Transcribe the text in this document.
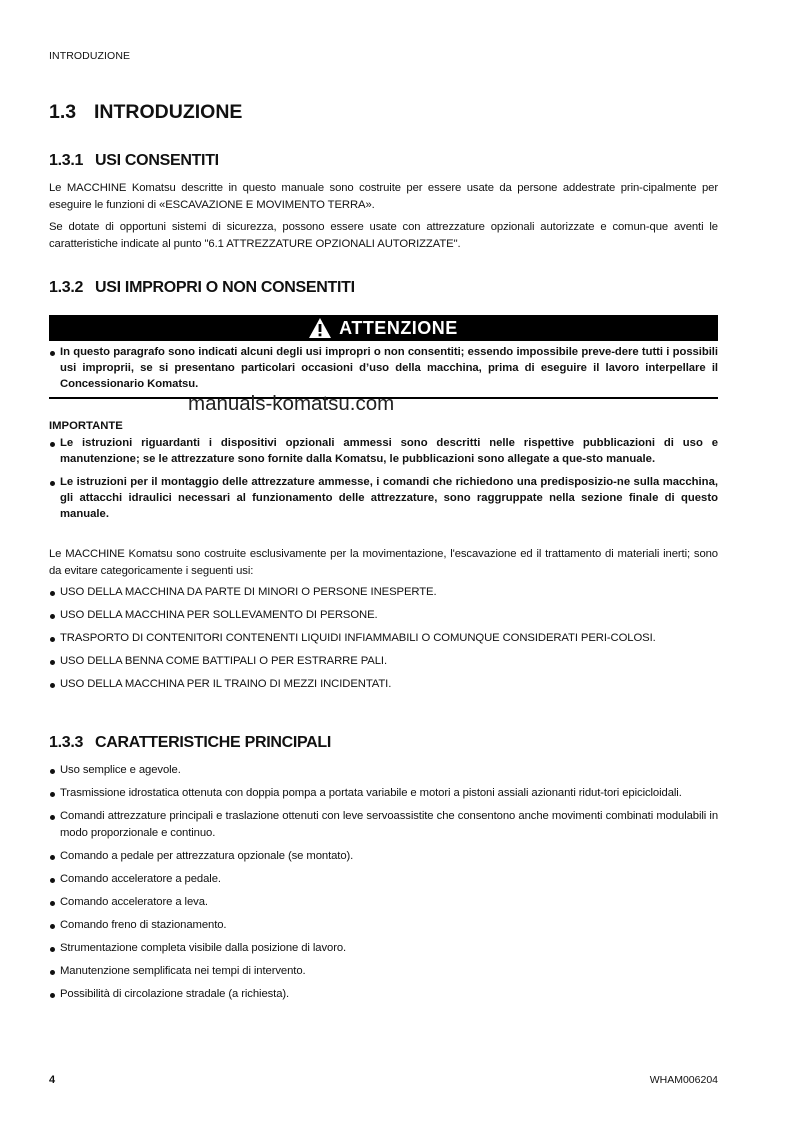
INTRODUZIONE
1.3 INTRODUZIONE
1.3.1 USI CONSENTITI
Le MACCHINE Komatsu descritte in questo manuale sono costruite per essere usate da persone addestrate prin-cipalmente per eseguire le funzioni di «ESCAVAZIONE E MOVIMENTO TERRA».
Se dotate di opportuni sistemi di sicurezza, possono essere usate con attrezzature opzionali autorizzate e comun-que aventi le caratteristiche indicate al punto "6.1 ATTREZZATURE OPZIONALI AUTORIZZATE".
1.3.2 USI IMPROPRI O NON CONSENTITI
ATTENZIONE
In questo paragrafo sono indicati alcuni degli usi impropri o non consentiti; essendo impossibile preve-dere tutti i possibili usi improprii, se si presentano particolari occasioni d’uso della macchina, prima di eseguire il lavoro interpellare il Concessionario Komatsu.
manuals-komatsu.com
IMPORTANTE
Le istruzioni riguardanti i dispositivi opzionali ammessi sono descritti nelle rispettive pubblicazioni di uso e manutenzione; se le attrezzature sono fornite dalla Komatsu, le pubblicazioni sono allegate a que-sto manuale.
Le istruzioni per il montaggio delle attrezzature ammesse, i comandi che richiedono una predisposizio-ne sulla macchina, gli attacchi idraulici necessari al funzionamento delle attrezzature, sono raggruppate nella sezione finale di questo manuale.
Le MACCHINE Komatsu sono costruite esclusivamente per la movimentazione, l'escavazione ed il trattamento di materiali inerti; sono da evitare categoricamente i seguenti usi:
USO DELLA MACCHINA DA PARTE DI MINORI O PERSONE INESPERTE.
USO DELLA MACCHINA PER SOLLEVAMENTO DI PERSONE.
TRASPORTO DI CONTENITORI CONTENENTI LIQUIDI INFIAMMABILI O COMUNQUE CONSIDERATI PERI-COLOSI.
USO DELLA BENNA COME BATTIPALI O PER ESTRARRE PALI.
USO DELLA MACCHINA PER IL TRAINO DI MEZZI INCIDENTATI.
1.3.3 CARATTERISTICHE PRINCIPALI
Uso semplice e agevole.
Trasmissione idrostatica ottenuta con doppia pompa a portata variabile e motori a pistoni assiali azionanti ridut-tori epicicloidali.
Comandi attrezzature principali e traslazione ottenuti con leve servoassistite che consentono anche movimenti combinati modulabili in modo proporzionale e continuo.
Comando a pedale per attrezzatura opzionale (se montato).
Comando acceleratore a pedale.
Comando acceleratore a leva.
Comando freno di stazionamento.
Strumentazione completa visibile dalla posizione di lavoro.
Manutenzione semplificata nei tempi di intervento.
Possibilità di circolazione stradale (a richiesta).
4	WHAM006204
